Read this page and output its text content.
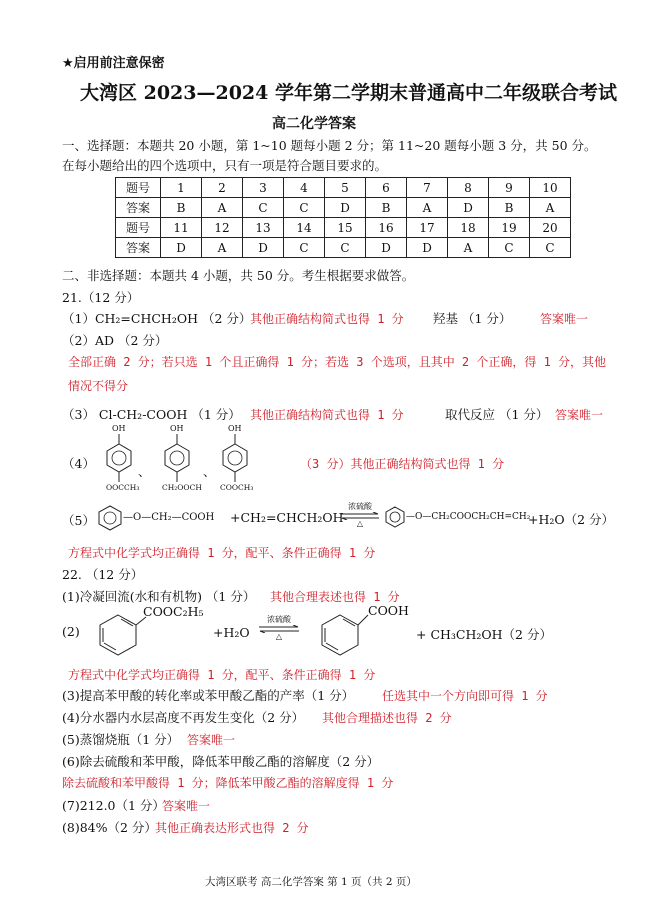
★启用前注意保密
大湾区 2023—2024 学年第二学期末普通高中二年级联合考试
高二化学答案
一、选择题：本题共 20 小题，第 1~10 题每小题 2 分；第 11~20 题每小题 3 分，共 50 分。
在每小题给出的四个选项中，只有一项是符合题目要求的。
题号	1	2	3	4	5	6	7	8	9	10
答案	B	A	C	C	D	B	A	D	B	A
题号	11	12	13	14	15	16	17	18	19	20
答案	D	A	D	C	C	D	D	A	C	C
二、非选择题：本题共 4 小题，共 50 分。考生根据要求做答。
21.（12 分）
（1）CH₂=CHCH₂OH （2 分）
其他正确结构简式也得 1 分 羟基 （1 分） 答案唯一
（2）AD （2 分）
全部正确 2 分；若只选 1 个且正确得 1 分；若选 3 个选项，且其中 2 个正确，得 1 分，其他
情况不得分
（3） Cl-CH₂-COOH （1 分） 其他正确结构简式也得 1 分	取代反应 （1 分） 答案唯一
（4）
OH
OOCCH₃
、
OH
CH₂OOCH
、
OH
COOCH₃
（3 分）其他正确结构简式也得 1 分
（5）	—O—CH₂—COOH +CH₂=CHCH₂OH
浓硫酸
△
—O—CH₂COOCH₂CH=CH₂
+H₂O（2 分）
方程式中化学式均正确得 1 分，配平、条件正确得 1 分
22. （12 分）
(1)冷凝回流(水和有机物) （1 分） 其他合理表述也得 1 分
(2)
COOC₂H₅
+H₂O
浓硫酸
△
COOH
+ CH₃CH₂OH（2 分）
方程式中化学式均正确得 1 分，配平、条件正确得 1 分
(3)提高苯甲酸的转化率或苯甲酸乙酯的产率（1 分） 任选其中一个方向即可得 1 分
(4)分水器内水层高度不再发生变化（2 分） 其他合理描述也得 2 分
(5)蒸馏烧瓶（1 分） 答案唯一
(6)除去硫酸和苯甲酸，降低苯甲酸乙酯的溶解度（2 分）
除去硫酸和苯甲酸得 1 分；降低苯甲酸乙酯的溶解度得 1 分
(7)212.0（1 分）
答案唯一
(8)84%（2 分）
其他正确表达形式也得 2 分
大湾区联考 高二化学答案 第 1 页（共 2 页）
